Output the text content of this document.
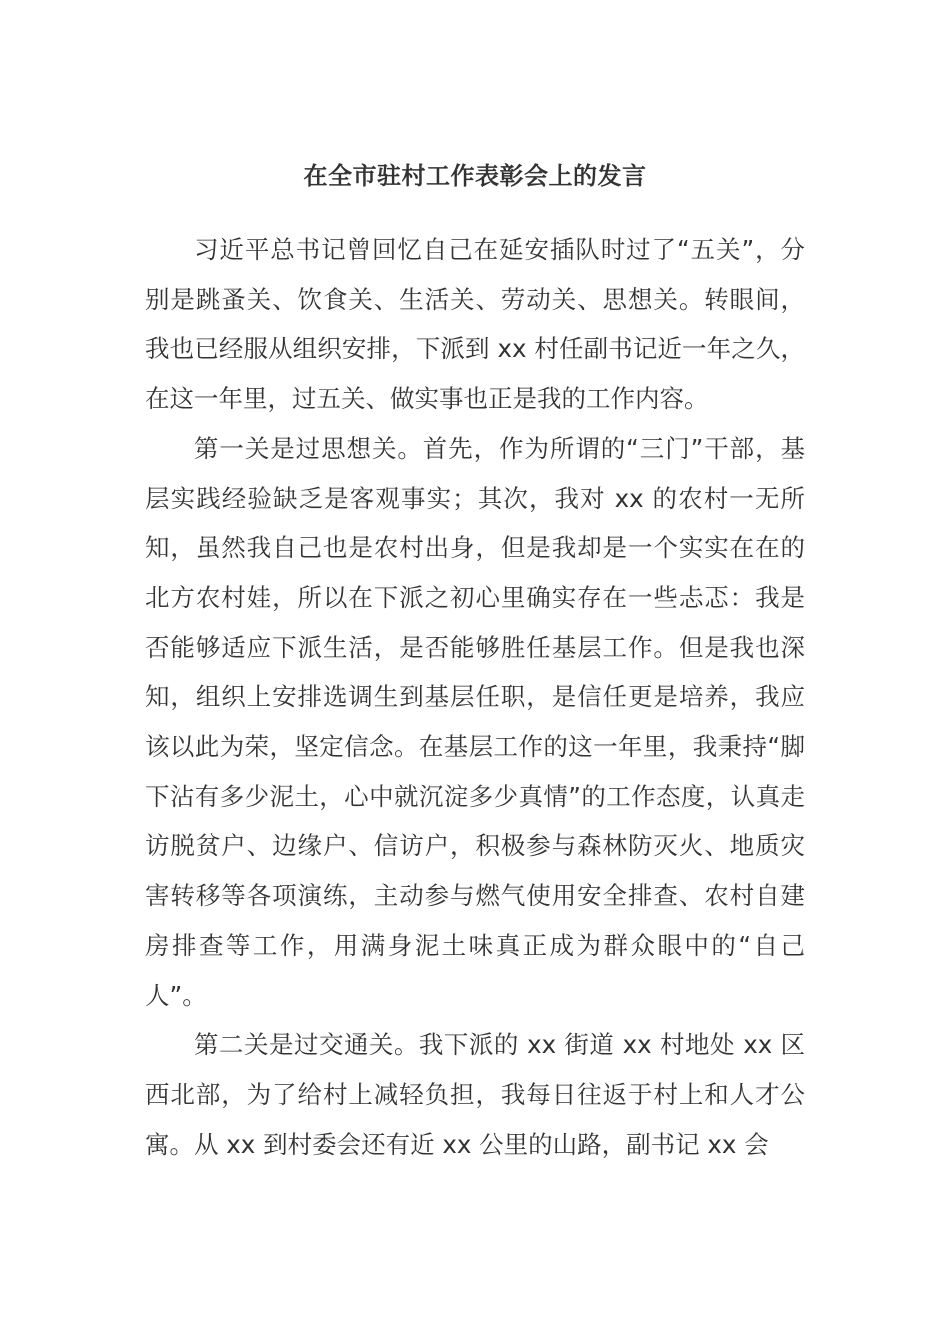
在全市驻村工作表彰会上的发言

习近平总书记曾回忆自己在延安插队时过了“五关”，分别是跳蚤关、饮食关、生活关、劳动关、思想关。转眼间，我也已经服从组织安排，下派到 xx 村任副书记近一年之久，在这一年里，过五关、做实事也正是我的工作内容。

第一关是过思想关。首先，作为所谓的“三门”干部，基层实践经验缺乏是客观事实；其次，我对 xx 的农村一无所知，虽然我自己也是农村出身，但是我却是一个实实在在的北方农村娃，所以在下派之初心里确实存在一些忐忑：我是否能够适应下派生活，是否能够胜任基层工作。但是我也深知，组织上安排选调生到基层任职，是信任更是培养，我应该以此为荣，坚定信念。在基层工作的这一年里，我秉持“脚下沾有多少泥土，心中就沉淀多少真情”的工作态度，认真走访脱贫户、边缘户、信访户，积极参与森林防灭火、地质灾害转移等各项演练，主动参与燃气使用安全排查、农村自建房排查等工作，用满身泥土味真正成为群众眼中的“自己人”。

第二关是过交通关。我下派的 xx 街道 xx 村地处 xx 区西北部，为了给村上减轻负担，我每日往返于村上和人才公寓。从 xx 到村委会还有近 xx 公里的山路，副书记 xx 会
